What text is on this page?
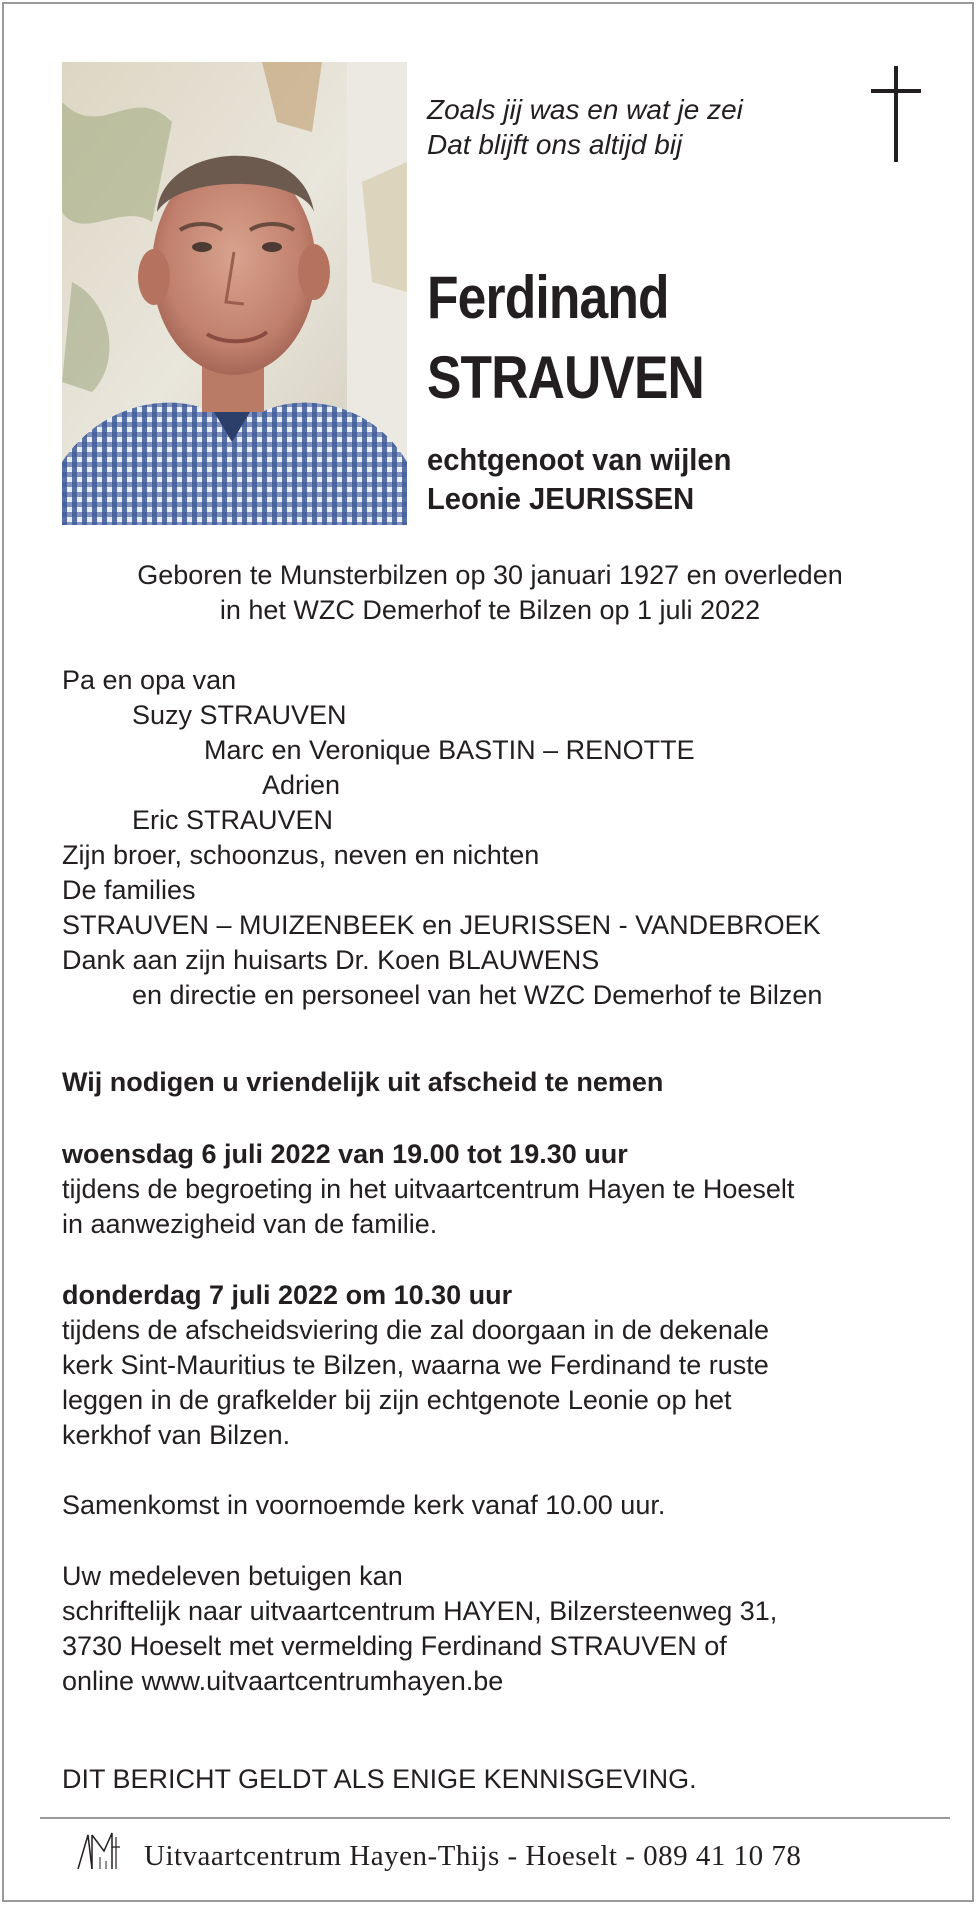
Zoals jij was en wat je zei
Dat blijft ons altijd bij
Ferdinand
STRAUVEN
echtgenoot van wijlen
Leonie JEURISSEN
Geboren te Munsterbilzen op 30 januari 1927 en overleden
in het WZC Demerhof te Bilzen op 1 juli 2022
Pa en opa van
Suzy STRAUVEN
Marc en Veronique BASTIN – RENOTTE
Adrien
Eric STRAUVEN
Zijn broer, schoonzus, neven en nichten
De families
STRAUVEN – MUIZENBEEK en JEURISSEN - VANDEBROEK
Dank aan zijn huisarts Dr. Koen BLAUWENS
en directie en personeel van het WZC Demerhof te Bilzen
Wij nodigen u vriendelijk uit afscheid te nemen
woensdag 6 juli 2022 van 19.00 tot 19.30 uur
tijdens de begroeting in het uitvaartcentrum Hayen te Hoeselt
in aanwezigheid van de familie.
donderdag 7 juli 2022 om 10.30 uur
tijdens de afscheidsviering die zal doorgaan in de dekenale
kerk Sint-Mauritius te Bilzen, waarna we Ferdinand te ruste
leggen in de grafkelder bij zijn echtgenote Leonie op het
kerkhof van Bilzen.
Samenkomst in voornoemde kerk vanaf 10.00 uur.
Uw medeleven betuigen kan
schriftelijk naar uitvaartcentrum HAYEN, Bilzersteenweg 31,
3730 Hoeselt met vermelding Ferdinand STRAUVEN of
online www.uitvaartcentrumhayen.be
DIT BERICHT GELDT ALS ENIGE KENNISGEVING.
Uitvaartcentrum Hayen-Thijs - Hoeselt - 089 41 10 78
